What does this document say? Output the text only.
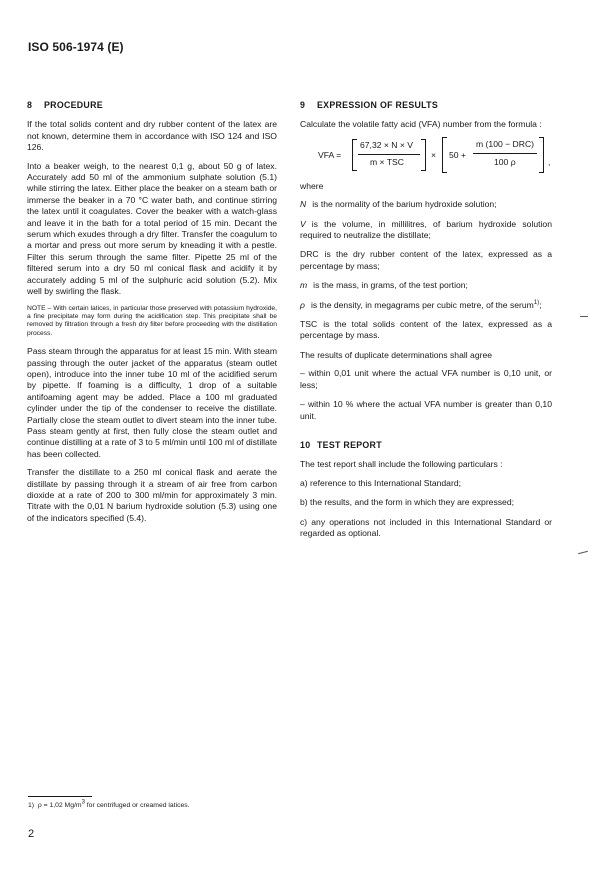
ISO 506-1974 (E)
8 PROCEDURE

If the total solids content and dry rubber content of the latex are not known, determine them in accordance with ISO 124 and ISO 126.

Into a beaker weigh, to the nearest 0,1 g, about 50 g of latex. Accurately add 50 ml of the ammonium sulphate solution (5.1) while stirring the latex. Either place the beaker on a steam bath or immerse the beaker in a 70 °C water bath, and continue stirring the latex until it coagulates. Cover the beaker with a watch-glass and leave it in the bath for a total period of 15 min. Decant the serum which exudes through a dry filter. Transfer the coagulum to a mortar and press out more serum by kneading it with a pestle. Filter this serum through the same filter. Pipette 25 ml of the filtered serum into a dry 50 ml conical flask and acidify it by accurately adding 5 ml of the sulphuric acid solution (5.2). Mix well by swirling the flask.

NOTE – With certain latices, in particular those preserved with potassium hydroxide, a fine precipitate may form during the acidification step. This precipitate shall be removed by filtration through a fresh dry filter before proceeding with the distillation process.

Pass steam through the apparatus for at least 15 min. With steam passing through the outer jacket of the apparatus (steam outlet open), introduce into the inner tube 10 ml of the acidified serum by pipette. If foaming is a difficulty, 1 drop of a suitable antifoaming agent may be added. Place a 100 ml graduated cylinder under the tip of the condenser to receive the distillate. Partially close the steam outlet to divert steam into the inner tube. Pass steam gently at first, then fully close the steam outlet and continue distilling at a rate of 3 to 5 ml/min until 100 ml of distillate has been collected.

Transfer the distillate to a 250 ml conical flask and aerate the distillate by passing through it a stream of air free from carbon dioxide at a rate of 200 to 300 ml/min for approximately 3 min. Titrate with the 0,01 N barium hydroxide solution (5.3) using one of the indicators specified (5.4).

9 EXPRESSION OF RESULTS

Calculate the volatile fatty acid (VFA) number from the formula :

VFA =
67,32 × N × V
m × TSC
× 50 +
m (100 − DRC)
100 ρ	,

where

N is the normality of the barium hydroxide solution;

V is the volume, in millilitres, of barium hydroxide solution required to neutralize the distillate;

DRC is the dry rubber content of the latex, expressed as a percentage by mass;

m is the mass, in grams, of the test portion;

ρ is the density, in megagrams per cubic metre, of the serum$^{1)}$;

TSC is the total solids content of the latex, expressed as a percentage by mass.

The results of duplicate determinations shall agree

– within 0,01 unit where the actual VFA number is 0,10 unit, or less;

– within 10 % where the actual VFA number is greater than 0,10 unit.

10 TEST REPORT

The test report shall include the following particulars :

a) reference to this International Standard;

b) the results, and the form in which they are expressed;

c) any operations not included in this International Standard or regarded as optional.

1) ρ = 1,02 Mg/m3 for centrifuged or creamed latices.
2
